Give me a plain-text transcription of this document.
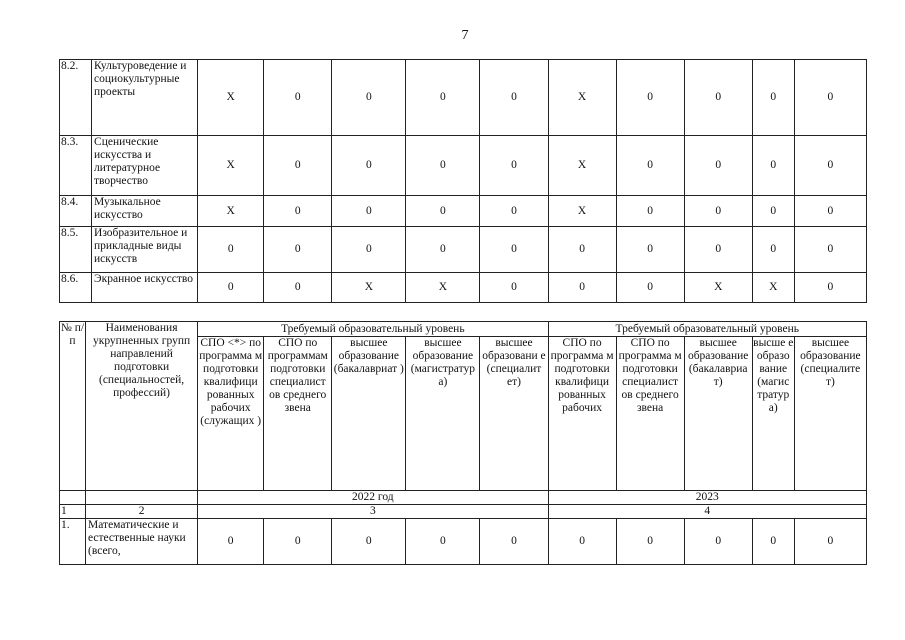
7
8.2.	Культуроведение и социокультурные проекты	X	0	0	0	0	X	0	0	0	0
8.3.	Сценические искусства и литературное творчество	X	0	0	0	0	X	0	0	0	0
8.4.	Музыкальное искусство	X	0	0	0	0	X	0	0	0	0
8.5.	Изобразительное и прикладные виды искусств	0	0	0	0	0	0	0	0	0	0
8.6.	Экранное искусство	0	0	X	X	0	0	0	X	X	0
№ п/п	Наименования укрупненных групп направлений подготовки (специальностей, профессий)	Требуемый образовательный уровень					Требуемый образовательный уровень				
		СПО <*> по программа м подготовки квалифици рованных рабочих (служащих )	СПО по программам подготовки специалист ов среднего звена	высшее образование (бакалавриат )	высшее образование (магистратур а)	высшее образовани е (специалит ет)	СПО по программа м подготовки квалифици рованных рабочих	СПО по программа м подготовки специалист ов среднего звена	высшее образование (бакалавриа т)	высше е образо вание (магис тратур а)	высшее образование (специалите т)
		2022 год					2023				
1	2	3					4				
1.	Математические и естественные науки (всего,	0	0	0	0	0	0	0	0	0	0
